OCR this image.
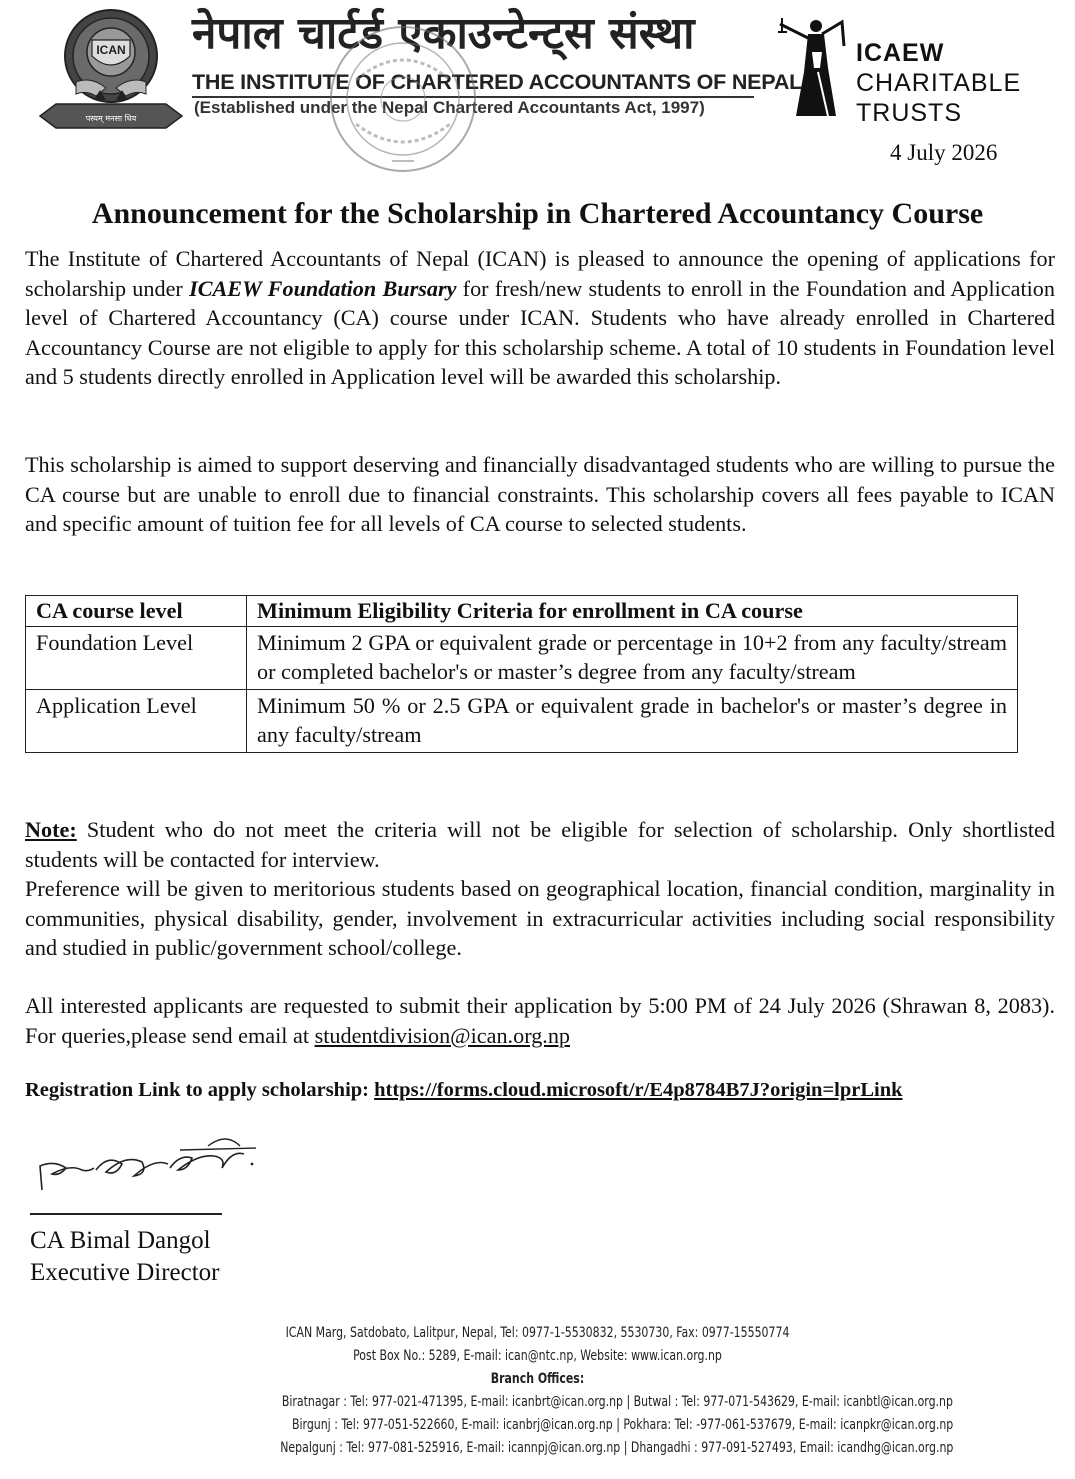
पस्यम् मनसा धिय
ICAN नेपाल चार्टर्ड एकाउन्टेन्ट्स संस्था
THE INSTITUTE OF CHARTERED ACCOUNTANTS OF NEPAL
(Established under the Nepal Chartered Accountants Act, 1997)
ICAEW
CHARITABLE
TRUSTS
4 July 2026
Announcement for the Scholarship in Chartered Accountancy Course

The Institute of Chartered Accountants of Nepal (ICAN) is pleased to announce the opening of applications for scholarship under ICAEW Foundation Bursary for fresh/new students to enroll in the Foundation and Application level of Chartered Accountancy (CA) course under ICAN. Students who have already enrolled in Chartered Accountancy Course are not eligible to apply for this scholarship scheme. A total of 10 students in Foundation level and 5 students directly enrolled in Application level will be awarded this scholarship.

This scholarship is aimed to support deserving and financially disadvantaged students who are willing to pursue the CA course but are unable to enroll due to financial constraints. This scholarship covers all fees payable to ICAN and specific amount of tuition fee for all levels of CA course to selected students.

CA course level	Minimum Eligibility Criteria for enrollment in CA course
Foundation Level	Minimum 2 GPA or equivalent grade or percentage in 10+2 from any faculty/stream or completed bachelor's or master’s degree from any faculty/stream
Application Level	Minimum 50 % or 2.5 GPA or equivalent grade in bachelor's or master’s degree in any faculty/stream

Note: Student who do not meet the criteria will not be eligible for selection of scholarship. Only shortlisted students will be contacted for interview.
Preference will be given to meritorious students based on geographical location, financial condition, marginality in communities, physical disability, gender, involvement in extracurricular activities including social responsibility and studied in public/government school/college.

All interested applicants are requested to submit their application by 5:00 PM of 24 July 2026 (Shrawan 8, 2083). For queries,please send email at studentdivision@ican.org.np

Registration Link to apply scholarship: https://forms.cloud.microsoft/r/E4p8784B7J?origin=lprLink
CA Bimal Dangol
Executive Director
ICAN Marg, Satdobato, Lalitpur, Nepal, Tel: 0977-1-5530832, 5530730, Fax: 0977-15550774
Post Box No.: 5289, E-mail: ican@ntc.np, Website: www.ican.org.np
Branch Offices:
Biratnagar : Tel: 977-021-471395, E-mail: icanbrt@ican.org.np | Butwal : Tel: 977-071-543629, E-mail: icanbtl@ican.org.np
Birgunj : Tel: 977-051-522660, E-mail: icanbrj@ican.org.np | Pokhara: Tel: -977-061-537679, E-mail: icanpkr@ican.org.np
Nepalgunj : Tel: 977-081-525916, E-mail: icannpj@ican.org.np | Dhangadhi : 977-091-527493, Email: icandhg@ican.org.np
